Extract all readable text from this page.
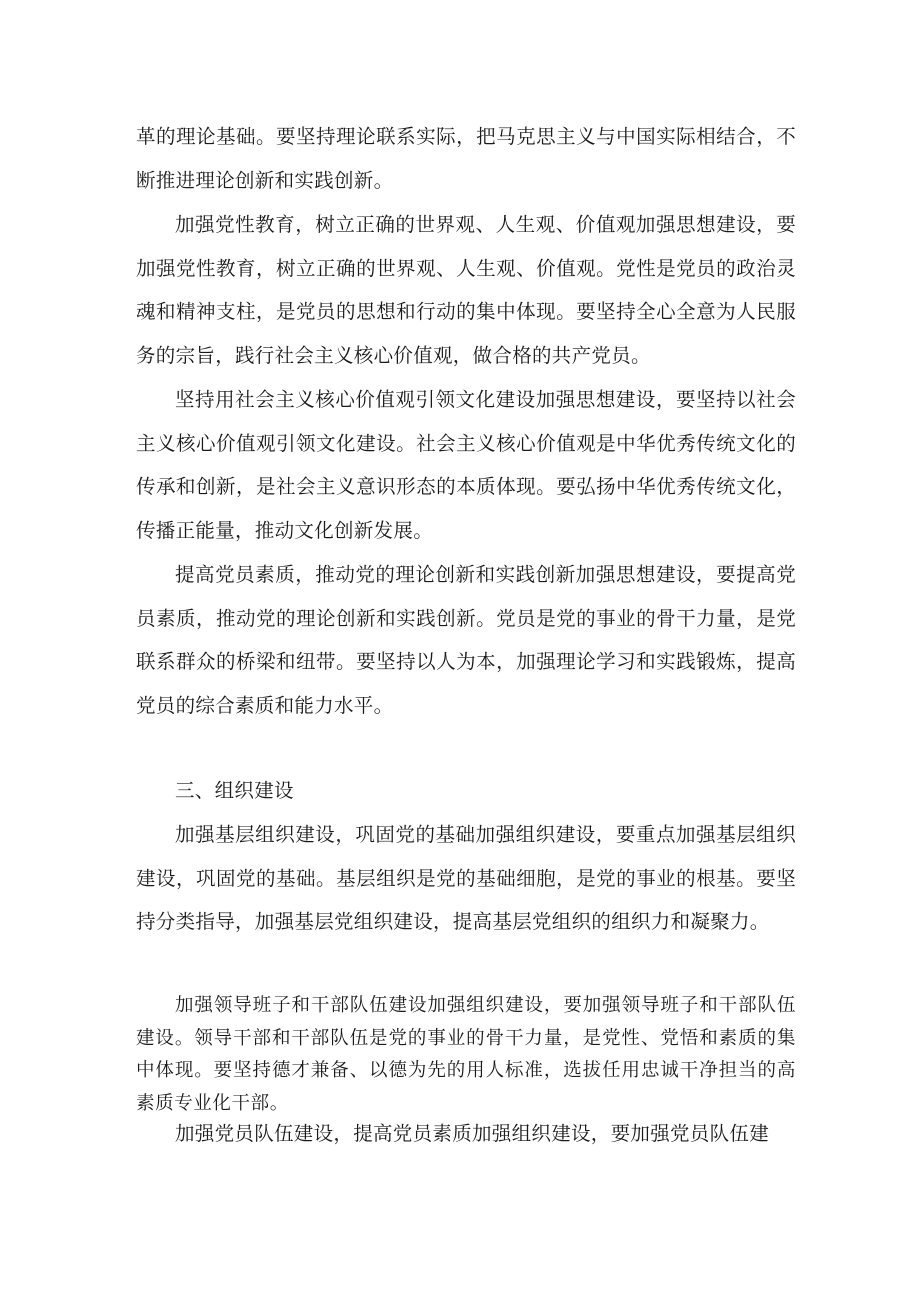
革的理论基础。要坚持理论联系实际，把马克思主义与中国实际相结合，不断推进理论创新和实践创新。

加强党性教育，树立正确的世界观、人生观、价值观加强思想建设，要加强党性教育，树立正确的世界观、人生观、价值观。党性是党员的政治灵魂和精神支柱，是党员的思想和行动的集中体现。要坚持全心全意为人民服务的宗旨，践行社会主义核心价值观，做合格的共产党员。

坚持用社会主义核心价值观引领文化建设加强思想建设，要坚持以社会主义核心价值观引领文化建设。社会主义核心价值观是中华优秀传统文化的传承和创新，是社会主义意识形态的本质体现。要弘扬中华优秀传统文化，传播正能量，推动文化创新发展。

提高党员素质，推动党的理论创新和实践创新加强思想建设，要提高党员素质，推动党的理论创新和实践创新。党员是党的事业的骨干力量，是党联系群众的桥梁和纽带。要坚持以人为本，加强理论学习和实践锻炼，提高党员的综合素质和能力水平。

三、组织建设

加强基层组织建设，巩固党的基础加强组织建设，要重点加强基层组织建设，巩固党的基础。基层组织是党的基础细胞，是党的事业的根基。要坚持分类指导，加强基层党组织建设，提高基层党组织的组织力和凝聚力。

加强领导班子和干部队伍建设加强组织建设，要加强领导班子和干部队伍建设。领导干部和干部队伍是党的事业的骨干力量，是党性、党悟和素质的集中体现。要坚持德才兼备、以德为先的用人标准，选拔任用忠诚干净担当的高素质专业化干部。

加强党员队伍建设，提高党员素质加强组织建设，要加强党员队伍建
